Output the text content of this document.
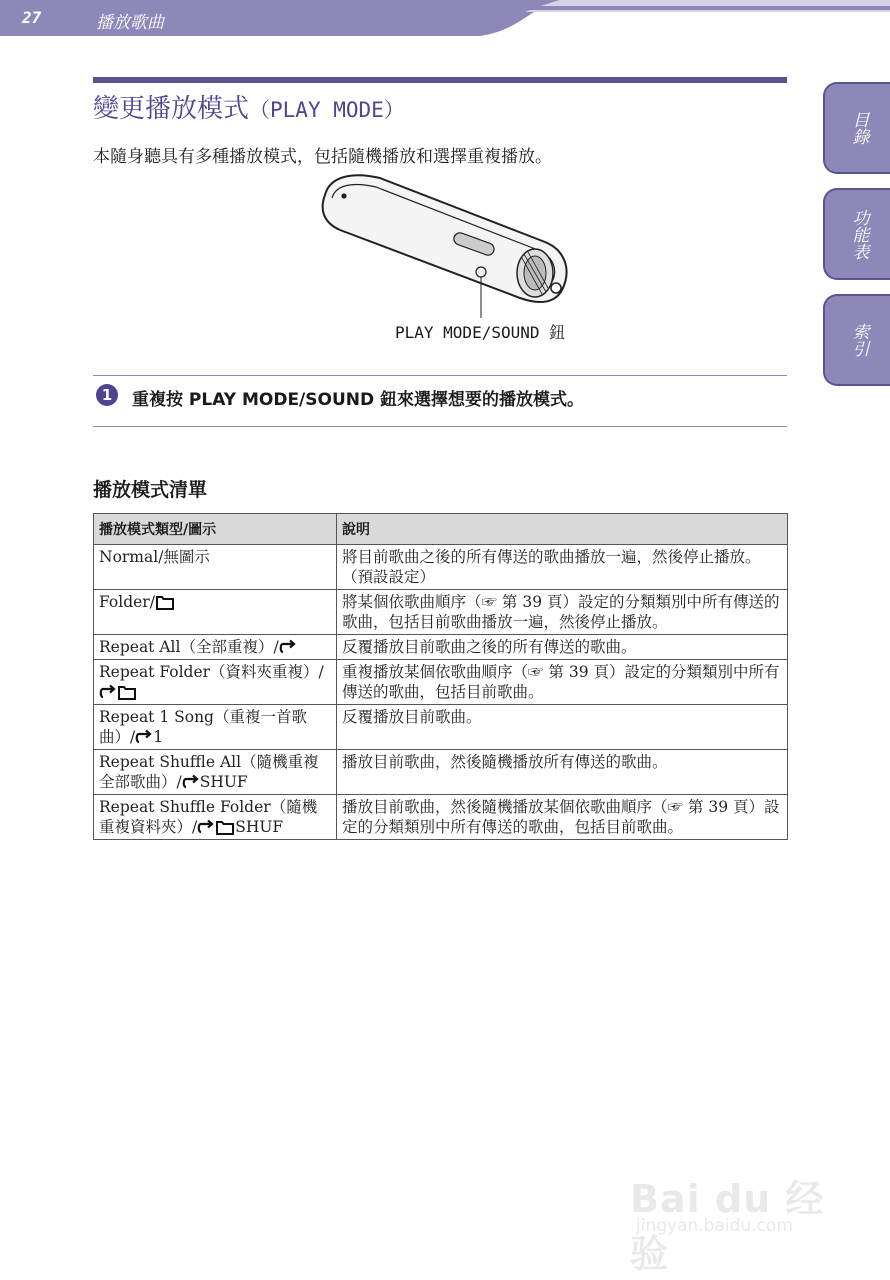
27	播放歌曲
目錄
功能表
索引
變更播放模式（PLAY MODE）
本隨身聽具有多種播放模式，包括隨機播放和選擇重複播放。
PLAY MODE/SOUND 鈕
1	重複按 PLAY MODE/SOUND 鈕來選擇想要的播放模式。
播放模式清單
播放模式類型/圖示	說明
Normal/無圖示	將目前歌曲之後的所有傳送的歌曲播放一遍，然後停止播放。（預設設定）
Folder/	將某個依歌曲順序（☞ 第 39 頁）設定的分類類別中所有傳送的歌曲，包括目前歌曲播放一遍，然後停止播放。
Repeat All（全部重複）/	反覆播放目前歌曲之後的所有傳送的歌曲。
Repeat Folder（資料夾重複）/	重複播放某個依歌曲順序（☞ 第 39 頁）設定的分類類別中所有傳送的歌曲，包括目前歌曲。
Repeat 1 Song（重複一首歌曲）/ 1	反覆播放目前歌曲。
Repeat Shuffle All（隨機重複全部歌曲）/ SHUF	播放目前歌曲，然後隨機播放所有傳送的歌曲。
Repeat Shuffle Folder（隨機重複資料夾）/ SHUF	播放目前歌曲，然後隨機播放某個依歌曲順序（☞ 第 39 頁）設定的分類類別中所有傳送的歌曲，包括目前歌曲。
Bai du 经验
jingyan.baidu.com
